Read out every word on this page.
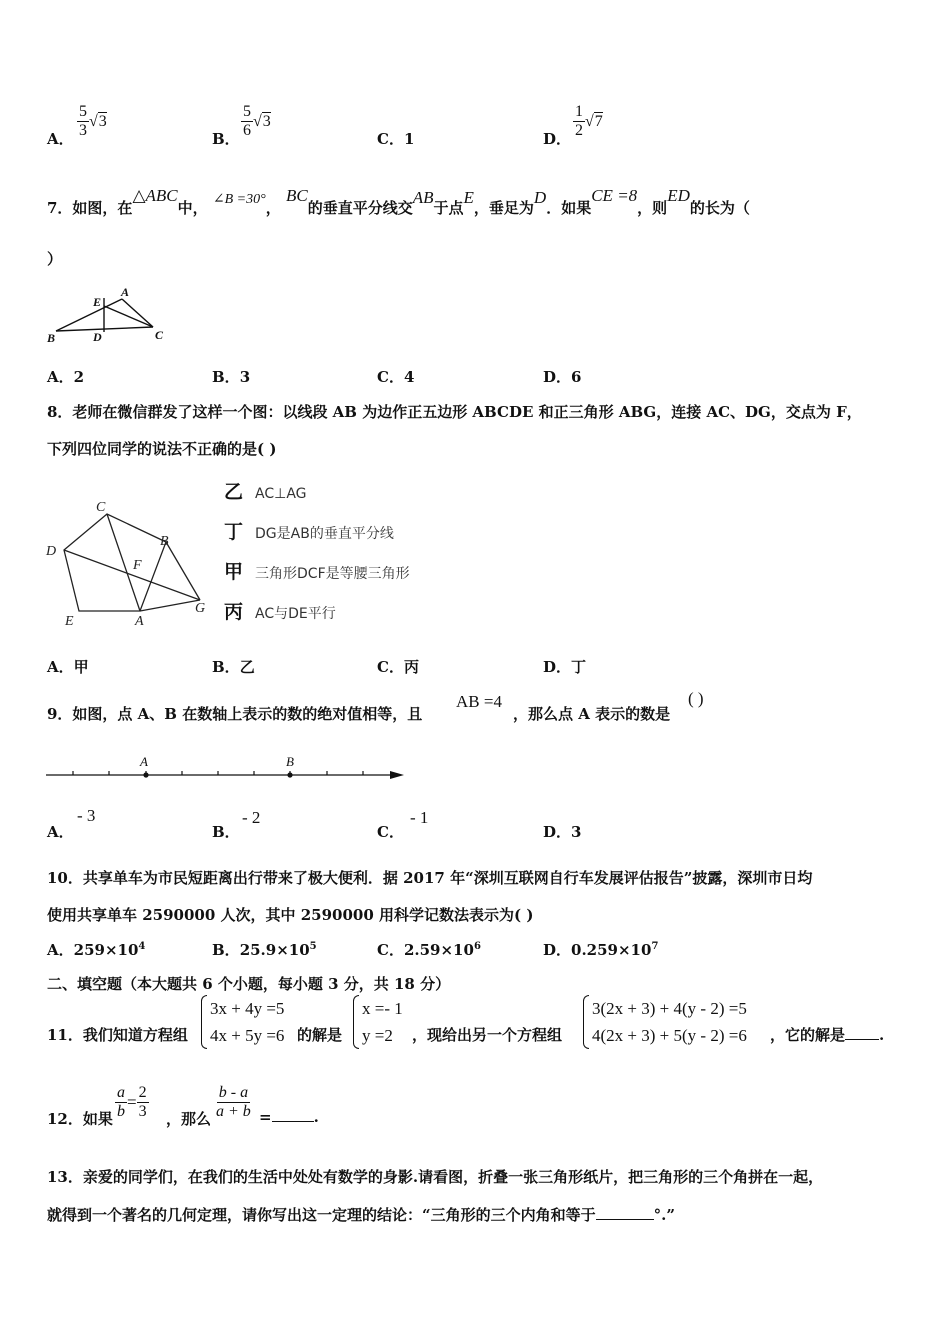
A． $\frac{5}{3} √3$
B． $\frac{5}{6} √3$
C．1	D． $\frac{1}{2} √7$
7．如图，在△ABC中， ∠B =30°， BC的垂直平分线交AB于点E，垂足为D．如果CE =8，则ED的长为（
）
B	D	C
E
A
A．2	B．3	C．4	D．6
8．老师在微信群发了这样一个图：以线段 AB 为边作正五边形 ABCDE 和正三角形 ABG，连接 AC、DG，交点为 F，
下列四位同学的说法不正确的是( )
C
B
D
F
G
E	A
乙 AC⊥AG
丁 DG是AB的垂直平分线
甲 三角形DCF是等腰三角形
丙 AC与DE平行
A．甲	B．乙	C．丙	D．丁
9．如图，点 A、B 在数轴上表示的数的绝对值相等，且
AB =4
，那么点 A 表示的数是
( )
A	B
A．
- 3
B．
- 2
C．
- 1
D．3
10．共享单车为市民短距离出行带来了极大便利．据 2017 年“深圳互联网自行车发展评估报告”披露，深圳市日均
使用共享单车 2590000 人次，其中 2590000 用科学记数法表示为( )
A．$259\times 10^4$	B．$25.9\times 10^5$	C．$2.59\times 10^6$	D．$0.259\times 10^7$
二、填空题（本大题共 6 个小题，每小题 3 分，共 18 分）
11．我们知道方程组
3x + 4y =5
4x + 5y =6 的解是
x =- 1
y =2	，现给出另一个方程组
3(2x + 3) + 4(y - 2) =5
4(2x + 3) + 5(y - 2) =6 ，它的解是 .
12．如果 $\frac{a}{b} = \frac{2}{3}$ ，那么 $\frac{b - a}{a + b}$ =	.
13．亲爱的同学们，在我们的生活中处处有数学的身影.请看图，折叠一张三角形纸片，把三角形的三个角拼在一起，
就得到一个著名的几何定理，请你写出这一定理的结论：“三角形的三个内角和等于	°.”
